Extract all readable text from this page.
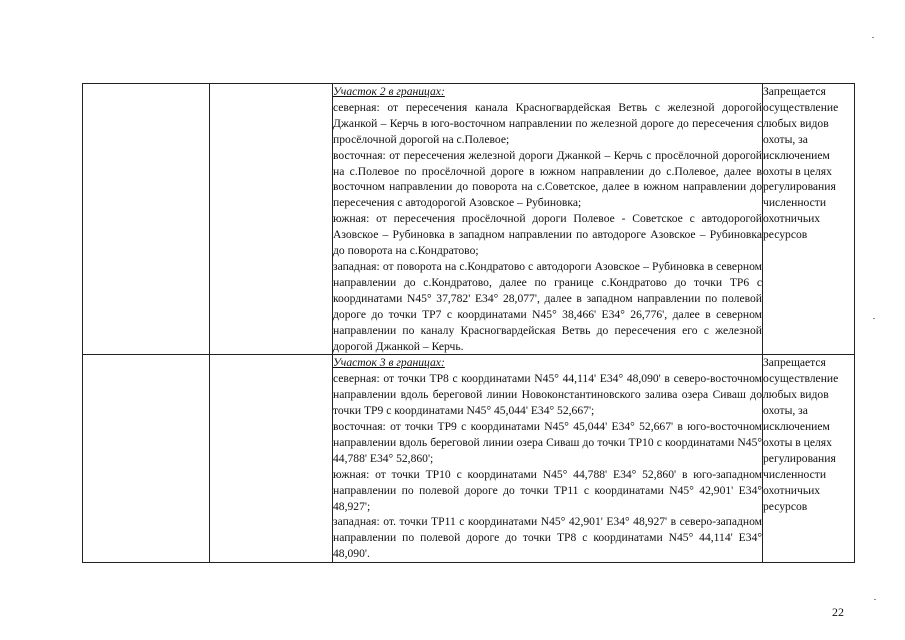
		Участок 2 в границах:

северная: от пересечения канала Красногвардейская Ветвь с железной дорогой Джанкой – Керчь в юго-восточном направлении по железной дороге до пересечения с просёлочной дорогой на с.Полевое;

восточная: от пересечения железной дороги Джанкой – Керчь с просёлочной дорогой на с.Полевое по просёлочной дороге в южном направлении до с.Полевое, далее в восточном направлении до поворота на с.Советское, далее в южном направлении до пересечения с автодорогой Азовское – Рубиновка;

южная: от пересечения просёлочной дороги Полевое - Советское с автодорогой Азовское – Рубиновка в западном направлении по автодороге Азовское – Рубиновка до поворота на с.Кондратово;

западная: от поворота на с.Кондратово с автодороги Азовское – Рубиновка в северном направлении до с.Кондратово, далее по границе с.Кондратово до точки ТР6 с координатами N45° 37,782' E34° 28,077', далее в западном направлении по полевой дороге до точки ТР7 с координатами N45° 38,466' E34° 26,776', далее в северном направлении по каналу Красногвардейская Ветвь до пересечения его с железной дорогой Джанкой – Керчь.	Запрещается осуществление любых видов охоты, за исключением охоты в целях регулирования численности охотничьих ресурсов

		Участок 3 в границах:

северная: от точки ТР8 с координатами N45° 44,114' E34° 48,090' в северо-восточном направлении вдоль береговой линии Новоконстантиновского залива озера Сиваш до точки ТР9 с координатами N45° 45,044' E34° 52,667';

восточная: от точки ТР9 с координатами N45° 45,044' E34° 52,667' в юго-восточном направлении вдоль береговой линии озера Сиваш до точки ТР10 с координатами N45° 44,788' E34° 52,860';

южная: от точки ТР10 с координатами N45° 44,788' E34° 52,860' в юго-западном направлении по полевой дороге до точки ТР11 с координатами N45° 42,901' E34° 48,927';

западная: от. точки ТР11 с координатами N45° 42,901' E34° 48,927' в северо-западном направлении по полевой дороге до точки ТР8 с координатами N45° 44,114' E34° 48,090'.	Запрещается осуществление любых видов охоты, за исключением охоты в целях регулирования численности охотничьих ресурсов
22
